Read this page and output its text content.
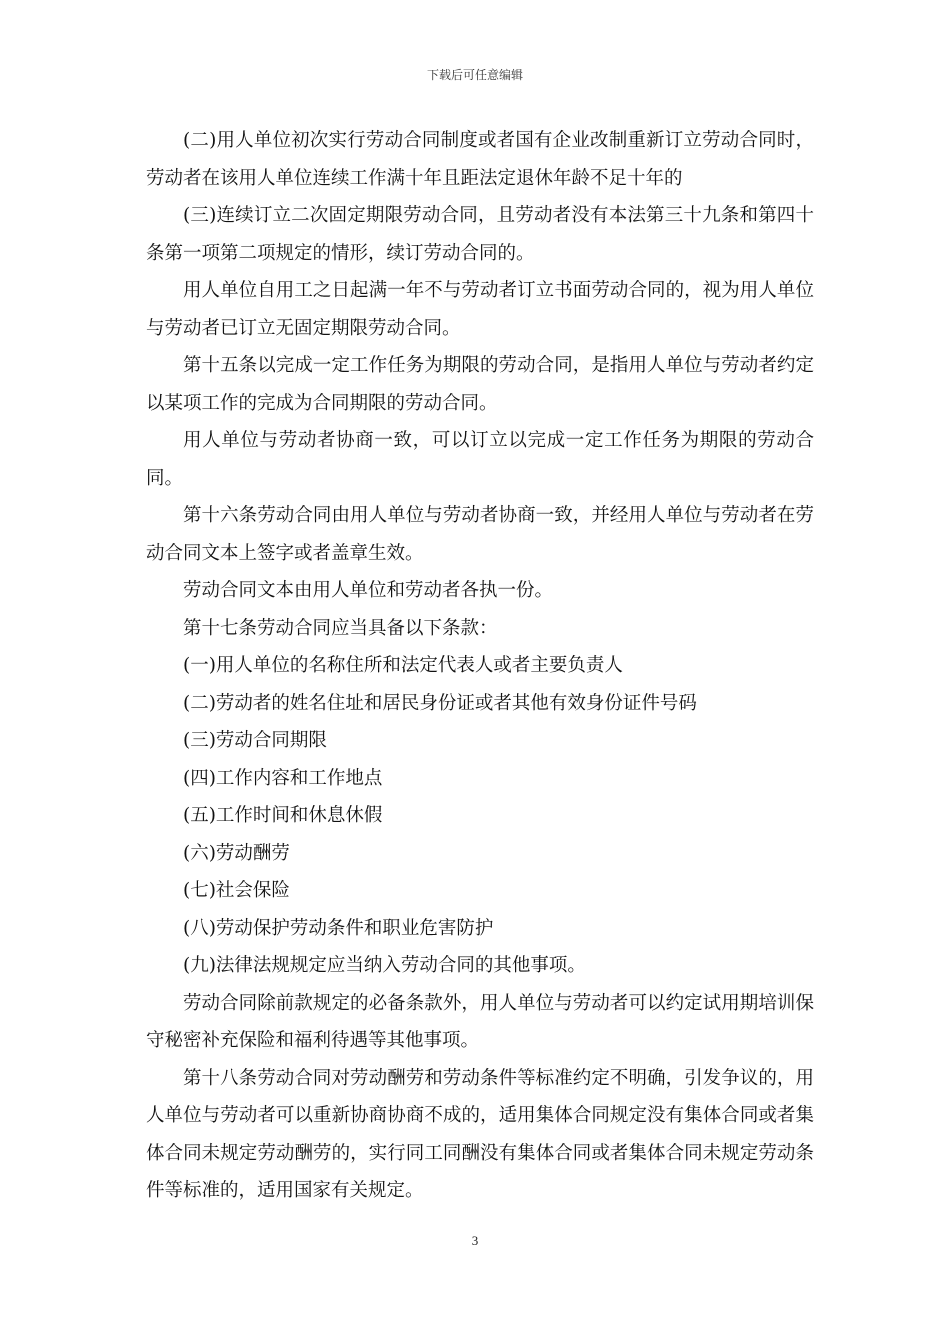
下载后可任意编辑

(二)用人单位初次实行劳动合同制度或者国有企业改制重新订立劳动合同时，劳动者在该用人单位连续工作满十年且距法定退休年龄不足十年的

(三)连续订立二次固定期限劳动合同，且劳动者没有本法第三十九条和第四十条第一项第二项规定的情形，续订劳动合同的。

用人单位自用工之日起满一年不与劳动者订立书面劳动合同的，视为用人单位与劳动者已订立无固定期限劳动合同。

第十五条以完成一定工作任务为期限的劳动合同，是指用人单位与劳动者约定以某项工作的完成为合同期限的劳动合同。

用人单位与劳动者协商一致，可以订立以完成一定工作任务为期限的劳动合同。

第十六条劳动合同由用人单位与劳动者协商一致，并经用人单位与劳动者在劳动合同文本上签字或者盖章生效。

劳动合同文本由用人单位和劳动者各执一份。

第十七条劳动合同应当具备以下条款：

(一)用人单位的名称住所和法定代表人或者主要负责人

(二)劳动者的姓名住址和居民身份证或者其他有效身份证件号码

(三)劳动合同期限

(四)工作内容和工作地点

(五)工作时间和休息休假

(六)劳动酬劳

(七)社会保险

(八)劳动保护劳动条件和职业危害防护

(九)法律法规规定应当纳入劳动合同的其他事项。

劳动合同除前款规定的必备条款外，用人单位与劳动者可以约定试用期培训保守秘密补充保险和福利待遇等其他事项。

第十八条劳动合同对劳动酬劳和劳动条件等标准约定不明确，引发争议的，用人单位与劳动者可以重新协商协商不成的，适用集体合同规定没有集体合同或者集体合同未规定劳动酬劳的，实行同工同酬没有集体合同或者集体合同未规定劳动条件等标准的，适用国家有关规定。

3
